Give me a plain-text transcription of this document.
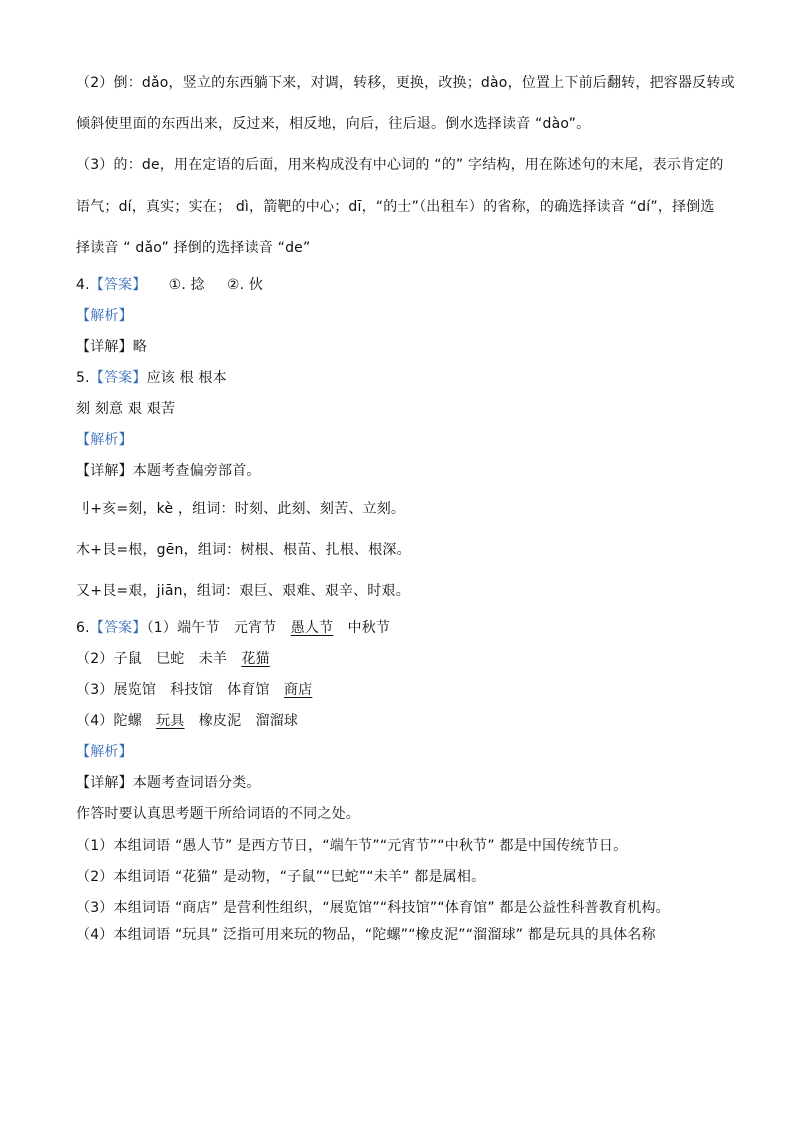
（2）倒：dǎo，竖立的东西躺下来，对调，转移，更换，改换；dào，位置上下前后翻转，把容器反转或
倾斜使里面的东西出来，反过来，相反地，向后，往后退。倒水选择读音 “dào”。
（3）的：de，用在定语的后面，用来构成没有中心词的 “的” 字结构，用在陈述句的末尾，表示肯定的
语气；dí，真实；实在； dì，箭靶的中心；dī，“的士”（出租车）的省称，的确选择读音 “dí”，择倒选
择读音 “ dǎo” 择倒的选择读音 “de”
4.【答案】 ①. 捻 ②. 伙
【解析】
【详解】略
5.【答案】应该 根 根本
刻 刻意 艰 艰苦
【解析】
【详解】本题考查偏旁部首。
刂+亥=刻，kè ，组词：时刻、此刻、刻苦、立刻。
木+艮=根，gēn，组词：树根、根苗、扎根、根深。
又+艮=艰，jiān，组词：艰巨、艰难、艰辛、时艰。
6.【答案】（1）端午节　元宵节　愚人节　中秋节
（2）子鼠　巳蛇　未羊　花猫
（3）展览馆　科技馆　体育馆　商店
（4）陀螺　玩具　橡皮泥　溜溜球
【解析】
【详解】本题考查词语分类。
作答时要认真思考题干所给词语的不同之处。
（1）本组词语 “愚人节” 是西方节日，“端午节”“元宵节”“中秋节” 都是中国传统节日。
（2）本组词语 “花猫” 是动物，“子鼠”“巳蛇”“未羊” 都是属相。
（3）本组词语 “商店” 是营利性组织，“展览馆”“科技馆”“体育馆” 都是公益性科普教育机构。
（4）本组词语 “玩具” 泛指可用来玩的物品，“陀螺”“橡皮泥”“溜溜球” 都是玩具的具体名称
